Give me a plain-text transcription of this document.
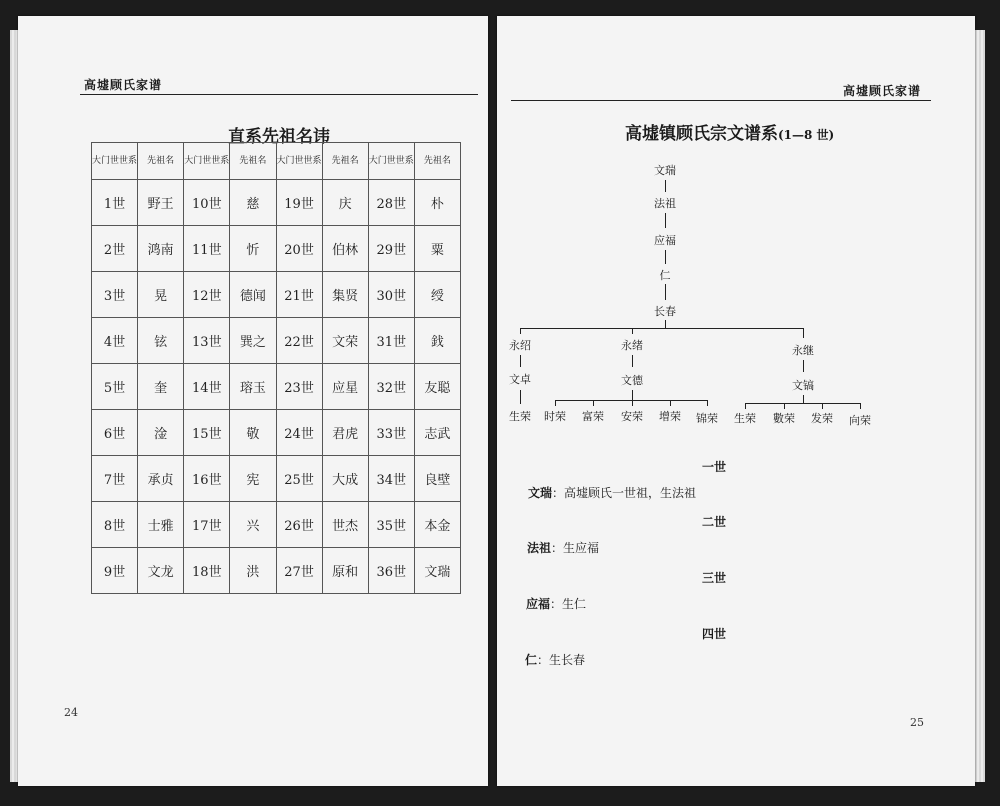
高墟顾氏家谱
直系先祖名讳
24
大门世世系	先祖名	大门世世系	先祖名	大门世世系	先祖名	大门世世系	先祖名
1世	野王	10世	慈	19世	庆	28世	朴
2世	鸿南	11世	忻	20世	伯林	29世	粟
3世	晃	12世	德闻	21世	集贤	30世	绶
4世	铉	13世	巽之	22世	文荣	31世	鈛
5世	奎	14世	瑢玉	23世	应星	32世	友聪
6世	淦	15世	敬	24世	君虎	33世	志武
7世	承贞	16世	宪	25世	大成	34世	良壁
8世	士雅	17世	兴	26世	世杰	35世	本金
9世	文龙	18世	洪	27世	原和	36世	文瑞
高墟顾氏家谱
高墟镇顾氏宗文谱系(1—8 世)
25
文瑞
法祖
应福
仁
长春
永绍
文卓
生荣
永绪
文德
时荣 富荣 安荣 增荣 锦荣
永继
文镐
生荣 數荣 发荣 向荣
一世
文瑞：高墟顾氏一世祖，生法祖
二世
法祖：生应福
三世
应福：生仁
四世
仁：生长春
